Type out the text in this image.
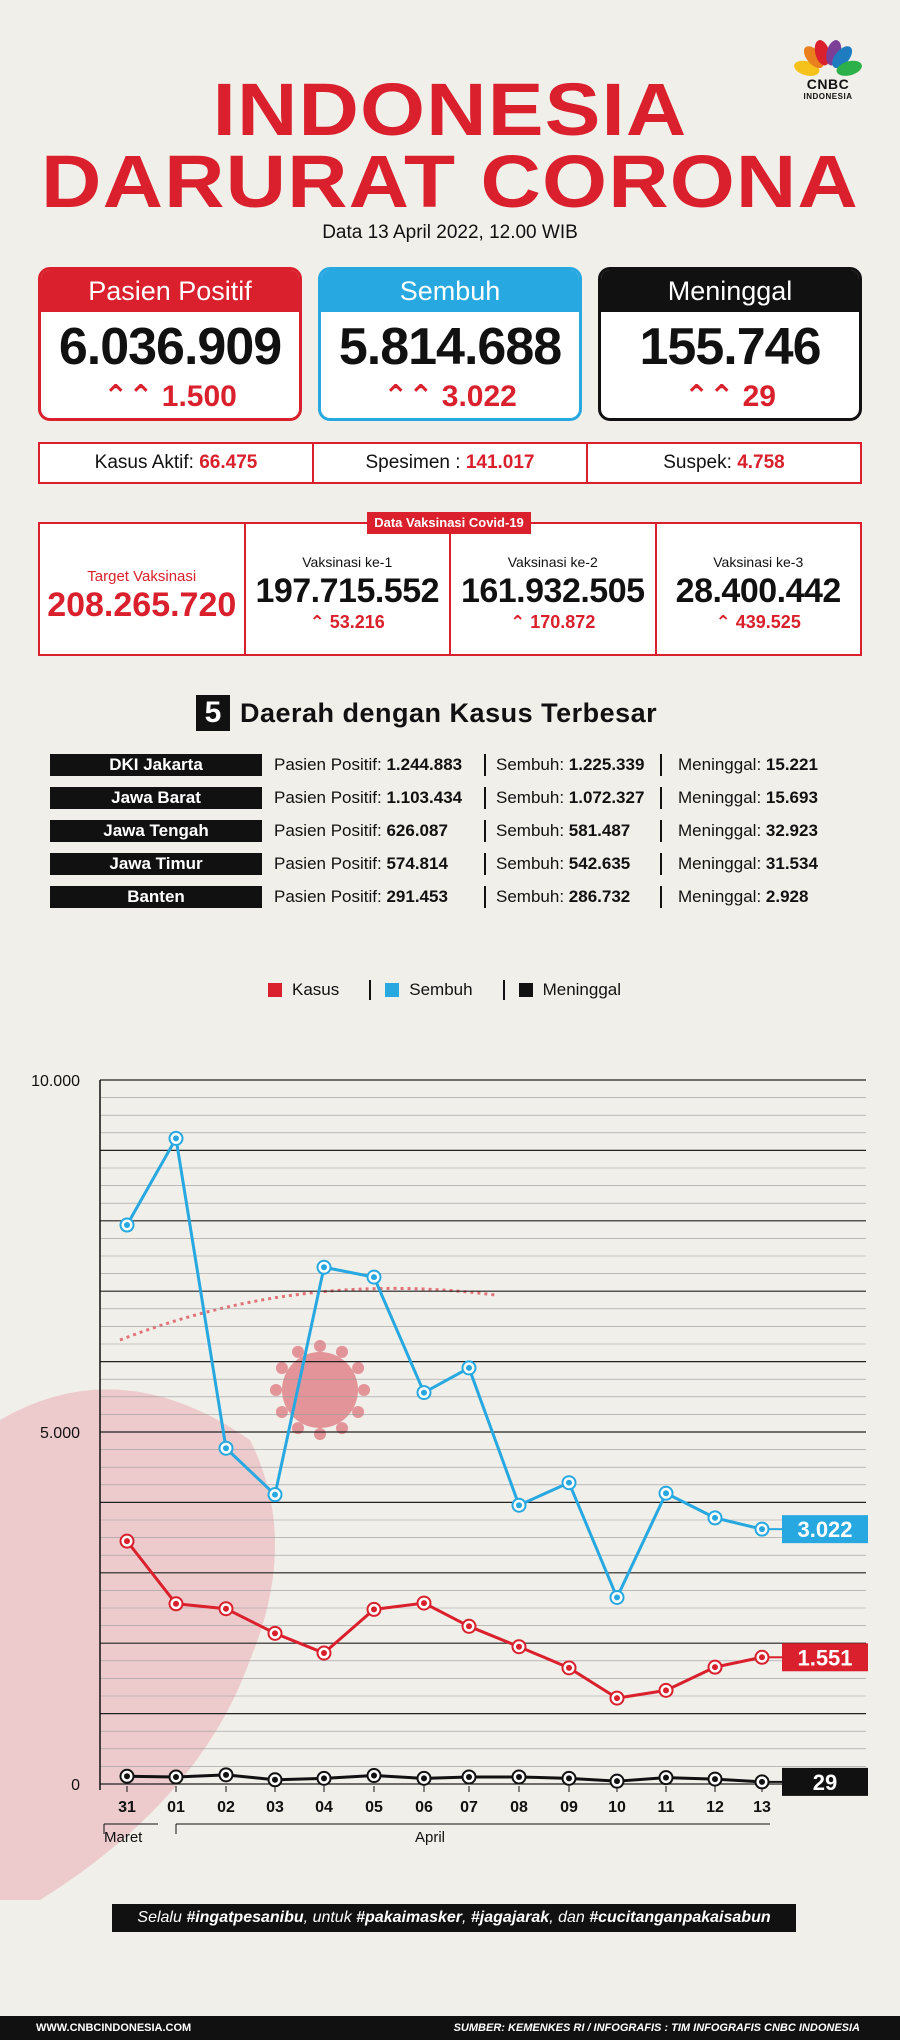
CNBC
INDONESIA
INDONESIA
DARURAT CORONA
Data 13 April 2022, 12.00 WIB
Pasien Positif
6.036.909
⌃⌃ 1.500
Sembuh
5.814.688
⌃⌃ 3.022
Meninggal
155.746
⌃⌃ 29
Kasus Aktif: 66.475	Spesimen : 141.017	Suspek: 4.758
Data Vaksinasi Covid-19
Target Vaksinasi
208.265.720
Vaksinasi ke-1
197.715.552
⌃ 53.216
Vaksinasi ke-2
161.932.505
⌃ 170.872
Vaksinasi ke-3
28.400.442
⌃ 439.525
5 Daerah dengan Kasus Terbesar
DKI Jakarta	Pasien Positif: 1.244.883 Sembuh: 1.225.339 Meninggal: 15.221
Jawa Barat	Pasien Positif: 1.103.434 Sembuh: 1.072.327 Meninggal: 15.693
Jawa Tengah	Pasien Positif: 626.087	Sembuh: 581.487	Meninggal: 32.923
Jawa Timur	Pasien Positif: 574.814	Sembuh: 542.635	Meninggal: 31.534
Banten	Pasien Positif: 291.453	Sembuh: 286.732	Meninggal: 2.928
Kasus	Sembuh	Meninggal
0
5.000
10.000
31 01 02 03 04 05 06 07 08 09 10 11 12 13
Maret	April
1.551
3.022
29
Selalu #ingatpesanibu, untuk #pakaimasker, #jagajarak, dan #cucitanganpakaisabun
WWW.CNBCINDONESIA.COM	SUMBER: KEMENKES RI / INFOGRAFIS : TIM INFOGRAFIS CNBC INDONESIA
